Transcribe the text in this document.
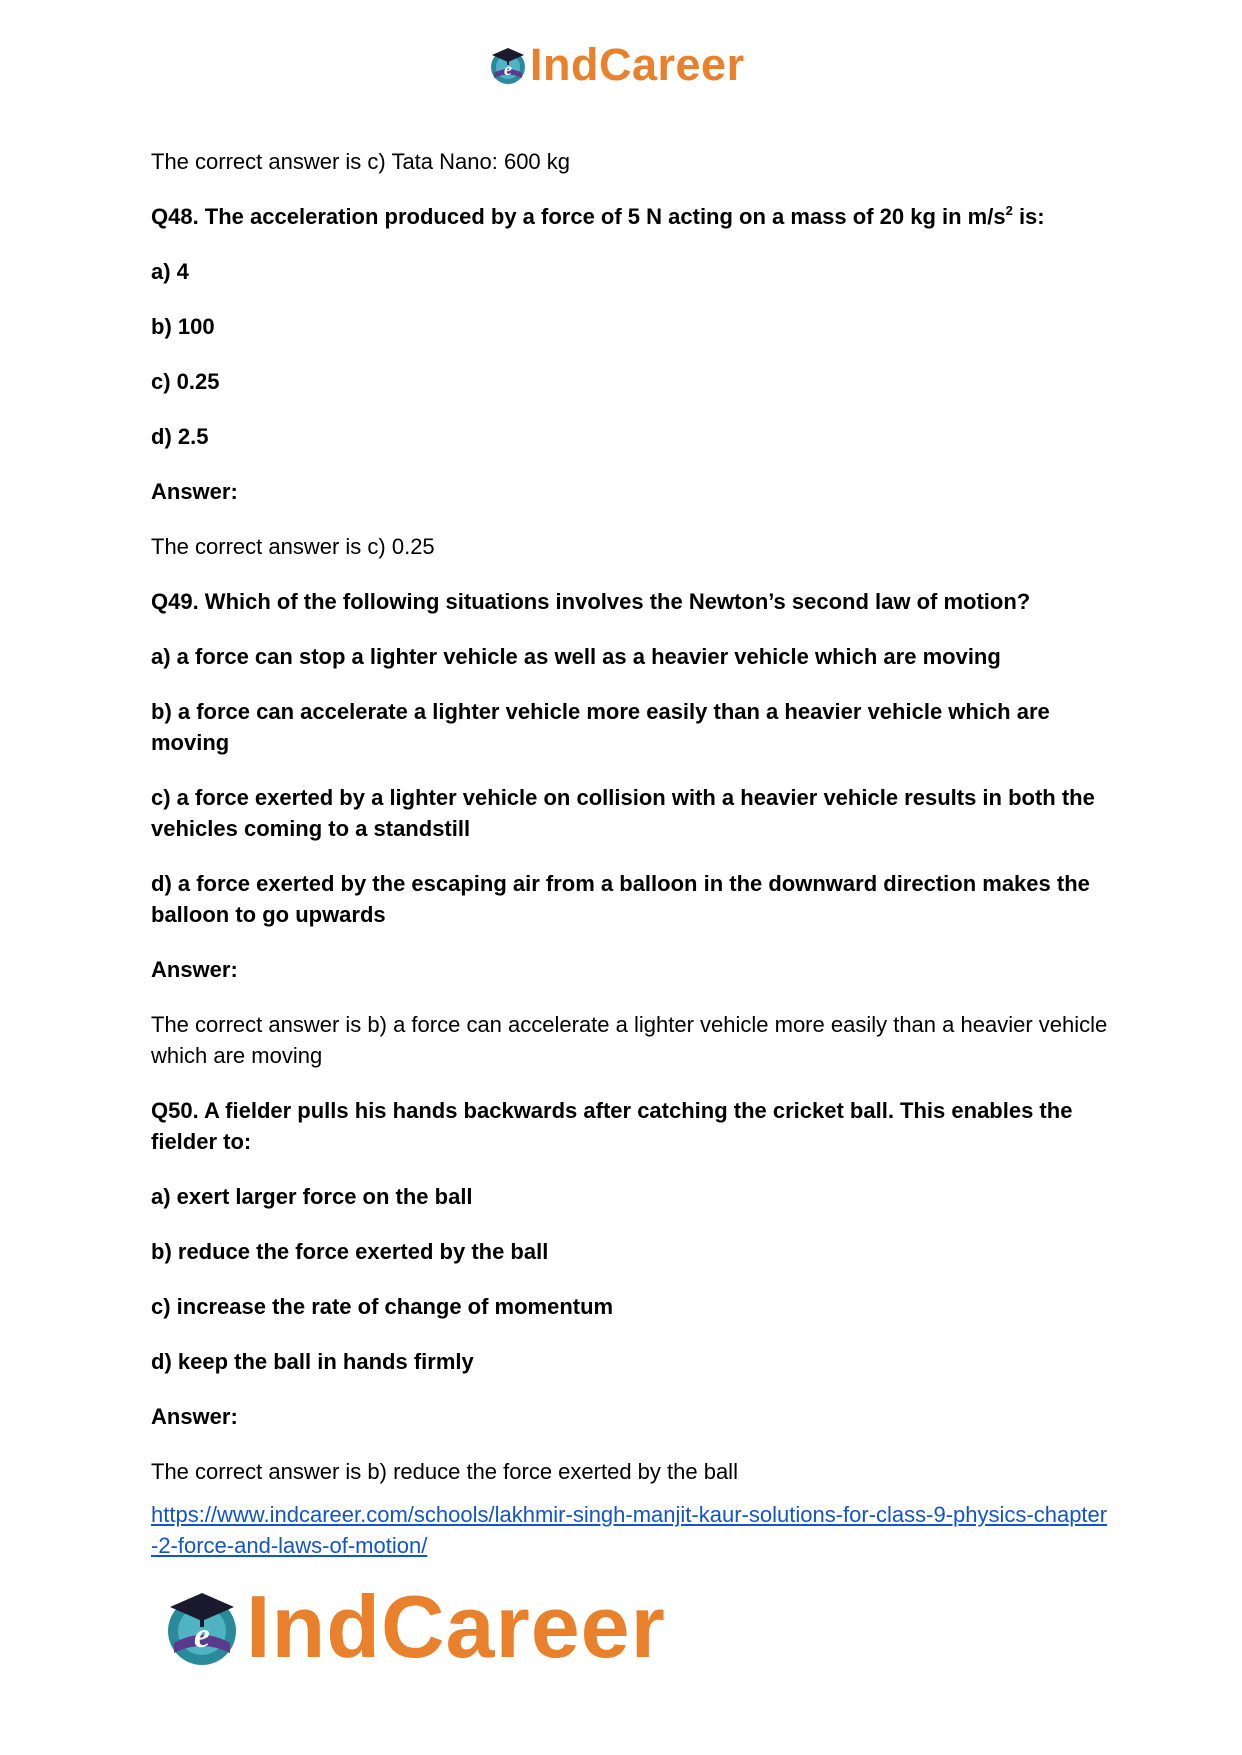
e IndCareer

The correct answer is c) Tata Nano: 600 kg

Q48. The acceleration produced by a force of 5 N acting on a mass of 20 kg in $m/s^2$ is:

a) 4

b) 100

c) 0.25

d) 2.5

Answer:

The correct answer is c) 0.25

Q49. Which of the following situations involves the Newton’s second law of motion?

a) a force can stop a lighter vehicle as well as a heavier vehicle which are moving

b) a force can accelerate a lighter vehicle more easily than a heavier vehicle which are moving

c) a force exerted by a lighter vehicle on collision with a heavier vehicle results in both the vehicles coming to a standstill

d) a force exerted by the escaping air from a balloon in the downward direction makes the balloon to go upwards

Answer:

The correct answer is b) a force can accelerate a lighter vehicle more easily than a heavier vehicle which are moving

Q50. A fielder pulls his hands backwards after catching the cricket ball. This enables the fielder to:

a) exert larger force on the ball

b) reduce the force exerted by the ball

c) increase the rate of change of momentum

d) keep the ball in hands firmly

Answer:

The correct answer is b) reduce the force exerted by the ball

https://www.indcareer.com/schools/lakhmir-singh-manjit-kaur-solutions-for-class-9-physics-chapter-2-force-and-laws-of-motion/

e IndCareer
